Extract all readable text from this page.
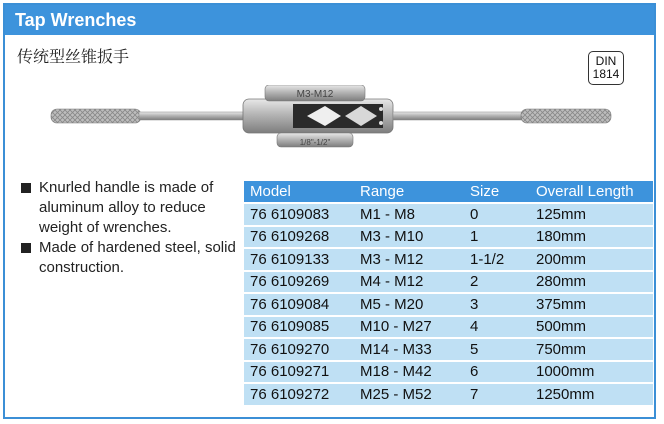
Tap Wrenches
传统型丝锥扳手	DIN
1814
M3-M12
1/8"-1/2"
Knurled handle is made of aluminum alloy to reduce weight of wrenches.
Made of hardened steel, solid construction.
Model	Range	Size	Overall Length
76 6109083	M1 - M8	0	125mm
76 6109268	M3 - M10	1	180mm
76 6109133	M3 - M12	1-1/2	200mm
76 6109269	M4 - M12	2	280mm
76 6109084	M5 - M20	3	375mm
76 6109085	M10 - M27	4	500mm
76 6109270	M14 - M33	5	750mm
76 6109271	M18 - M42	6	1000mm
76 6109272	M25 - M52	7	1250mm
